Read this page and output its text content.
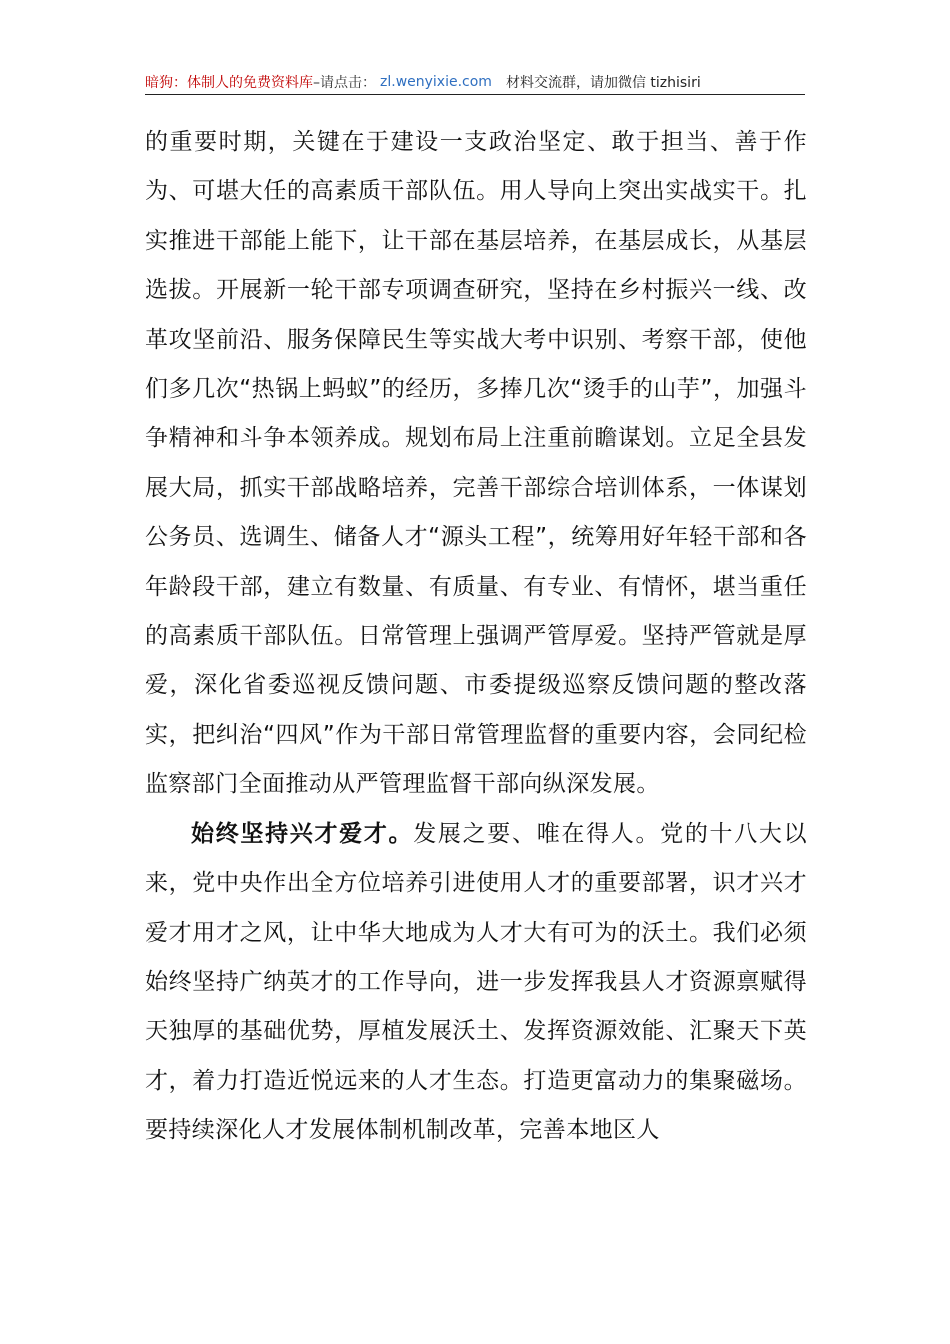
暗狗：体制人的免费资料库 –请点击： zl.wenyixie.com 材料交流群，请加微信 tizhisiri

的重要时期，关键在于建设一支政治坚定、敢于担当、善于作为、可堪大任的高素质干部队伍。用人导向上突出实战实干。扎实推进干部能上能下，让干部在基层培养，在基层成长，从基层选拔。开展新一轮干部专项调查研究，坚持在乡村振兴一线、改革攻坚前沿、服务保障民生等实战大考中识别、考察干部，使他们多几次“热锅上蚂蚁”的经历，多捧几次“烫手的山芋”，加强斗争精神和斗争本领养成。规划布局上注重前瞻谋划。立足全县发展大局，抓实干部战略培养，完善干部综合培训体系，一体谋划公务员、选调生、储备人才“源头工程”，统筹用好年轻干部和各年龄段干部，建立有数量、有质量、有专业、有情怀，堪当重任的高素质干部队伍。日常管理上强调严管厚爱。坚持严管就是厚爱，深化省委巡视反馈问题、市委提级巡察反馈问题的整改落实，把纠治“四风”作为干部日常管理监督的重要内容，会同纪检监察部门全面推动从严管理监督干部向纵深发展。

始终坚持兴才爱才。发展之要、唯在得人。党的十八大以来，党中央作出全方位培养引进使用人才的重要部署，识才兴才爱才用才之风，让中华大地成为人才大有可为的沃土。我们必须始终坚持广纳英才的工作导向，进一步发挥我县人才资源禀赋得天独厚的基础优势，厚植发展沃土、发挥资源效能、汇聚天下英才，着力打造近悦远来的人才生态。打造更富动力的集聚磁场。要持续深化人才发展体制机制改革，完善本地区人
